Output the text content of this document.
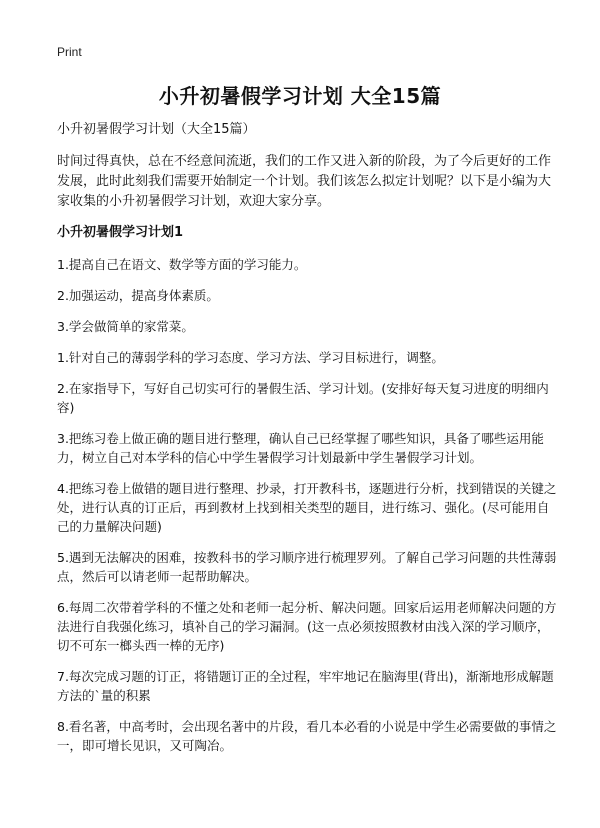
Print
小升初暑假学习计划 大全15篇

小升初暑假学习计划（大全15篇）

时间过得真快，总在不经意间流逝，我们的工作又进入新的阶段，为了今后更好的工作发展，此时此刻我们需要开始制定一个计划。我们该怎么拟定计划呢？以下是小编为大家收集的小升初暑假学习计划，欢迎大家分享。

小升初暑假学习计划1

1.提高自己在语文、数学等方面的学习能力。

2.加强运动，提高身体素质。

3.学会做简单的家常菜。

1.针对自己的薄弱学科的学习态度、学习方法、学习目标进行，调整。

2.在家指导下，写好自己切实可行的暑假生活、学习计划。(安排好每天复习进度的明细内容)

3.把练习卷上做正确的题目进行整理，确认自己已经掌握了哪些知识，具备了哪些运用能力，树立自己对本学科的信心中学生暑假学习计划最新中学生暑假学习计划。

4.把练习卷上做错的题目进行整理、抄录，打开教科书，逐题进行分析，找到错误的关键之处，进行认真的订正后，再到教材上找到相关类型的题目，进行练习、强化。(尽可能用自己的力量解决问题)

5.遇到无法解决的困难，按教科书的学习顺序进行梳理罗列。了解自己学习问题的共性薄弱点，然后可以请老师一起帮助解决。

6.每周二次带着学科的不懂之处和老师一起分析、解决问题。回家后运用老师解决问题的方法进行自我强化练习，填补自己的学习漏洞。(这一点必须按照教材由浅入深的学习顺序，切不可东一榔头西一棒的无序)

7.每次完成习题的订正，将错题订正的全过程，牢牢地记在脑海里(背出)，渐渐地形成解题方法的`量的积累

8.看名著，中高考时，会出现名著中的片段，看几本必看的小说是中学生必需要做的事情之一，即可增长见识，又可陶冶。
